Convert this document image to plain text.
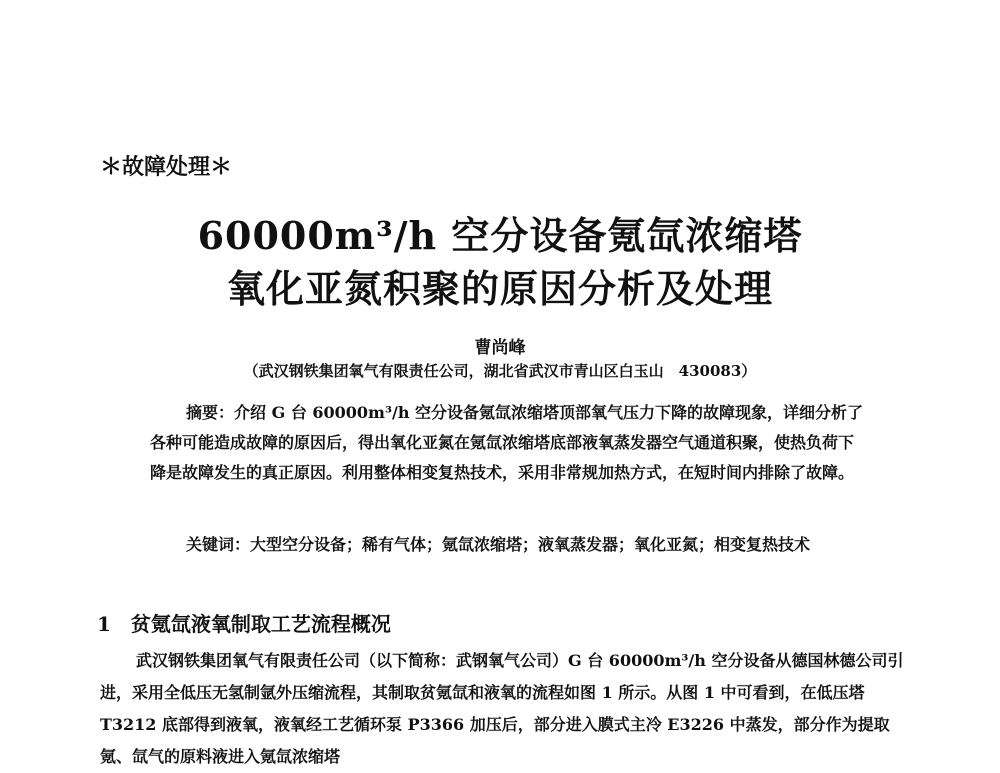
＊故障处理＊
60000m³/h 空分设备氪氙浓缩塔
氧化亚氮积聚的原因分析及处理
曹尚峰
（武汉钢铁集团氧气有限责任公司，湖北省武汉市青山区白玉山　430083）
摘要：介绍 G 台 60000m³/h 空分设备氪氙浓缩塔顶部氧气压力下降的故障现象，详细分析了各种可能造成故障的原因后，得出氧化亚氮在氪氙浓缩塔底部液氧蒸发器空气通道积聚，使热负荷下降是故障发生的真正原因。利用整体相变复热技术，采用非常规加热方式，在短时间内排除了故障。
关键词：大型空分设备；稀有气体；氪氙浓缩塔；液氧蒸发器；氧化亚氮；相变复热技术
1　贫氪氙液氧制取工艺流程概况
武汉钢铁集团氧气有限责任公司（以下简称：武钢氧气公司）G 台 60000m³/h 空分设备从德国林德公司引进，采用全低压无氢制氩外压缩流程，其制取贫氪氙和液氧的流程如图 1 所示。从图 1 中可看到，在低压塔 T3212 底部得到液氧，液氧经工艺循环泵 P3366 加压后，部分进入膜式主冷 E3226 中蒸发，部分作为提取氪、氙气的原料液进入氪氙浓缩塔
